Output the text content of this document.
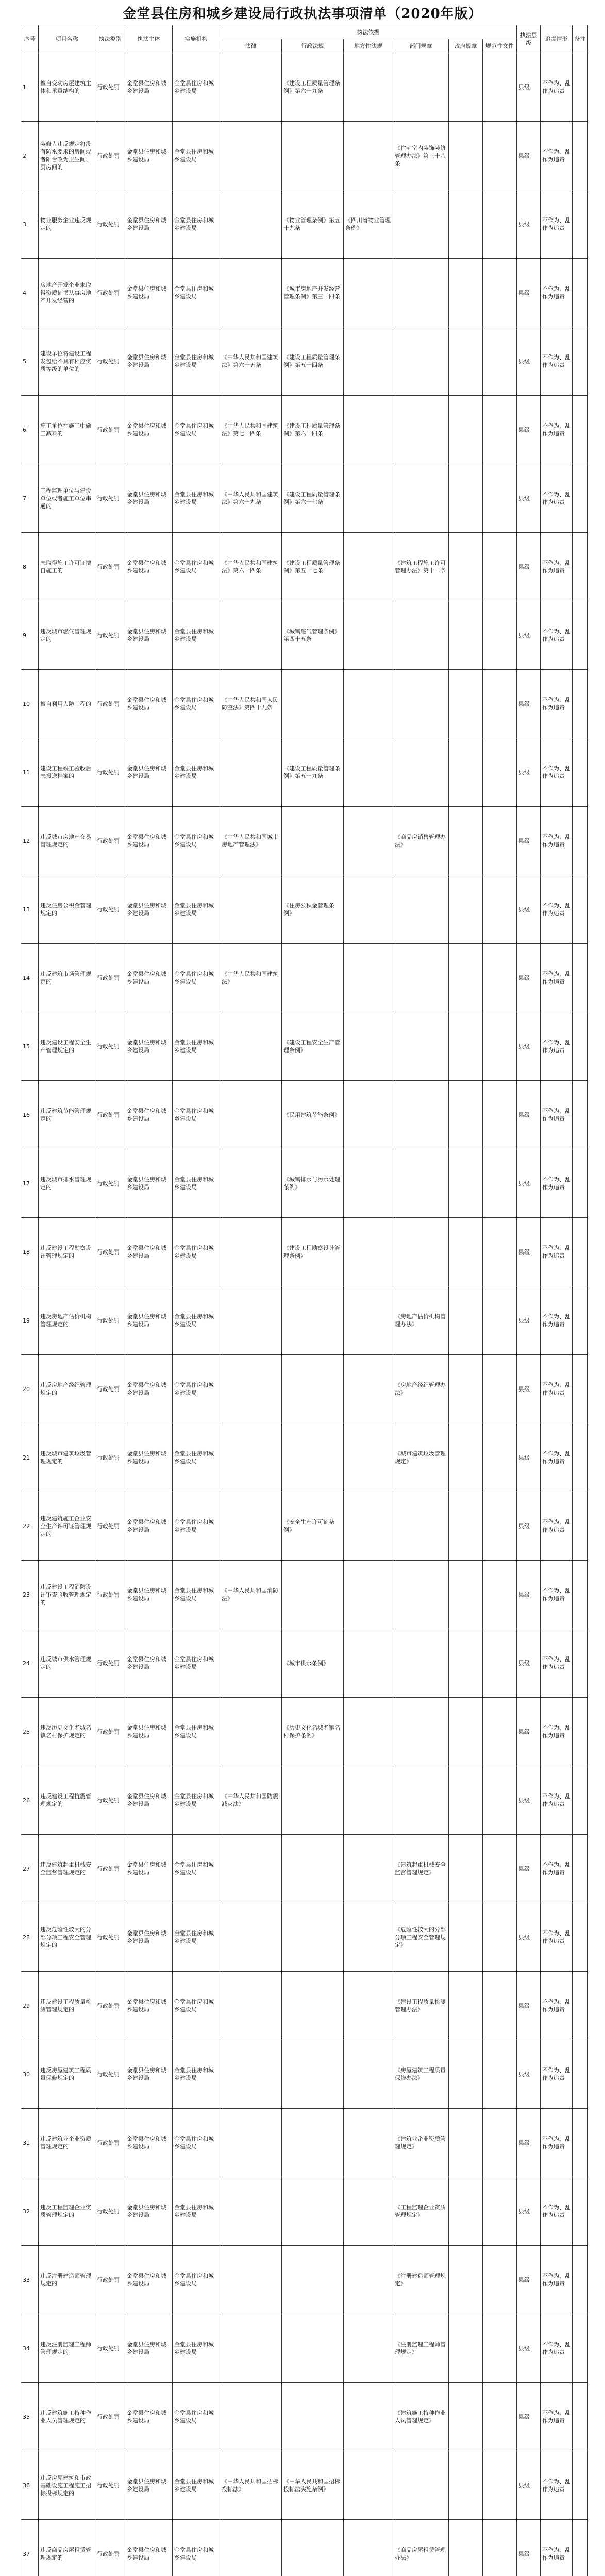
金堂县住房和城乡建设局行政执法事项清单（2020年版）
序号	项目名称	执法类别	执法主体	实施机构	执法依据						执法层级	追责情形	备注
					法律	行政法规	地方性法规	部门规章	政府规章	规范性文件			
1	擅自变动房屋建筑主体和承重结构的	行政处罚	金堂县住房和城乡建设局	金堂县住房和城乡建设局		《建设工程质量管理条例》第六十九条					县级	不作为、乱作为追责	
2	装修人违反规定将没有防水要求的房间或者阳台改为卫生间、厨房间的	行政处罚	金堂县住房和城乡建设局	金堂县住房和城乡建设局				《住宅室内装饰装修管理办法》第三十八条			县级	不作为、乱作为追责	
3	物业服务企业违反规定的	行政处罚	金堂县住房和城乡建设局	金堂县住房和城乡建设局		《物业管理条例》第五十九条	《四川省物业管理条例》				县级	不作为、乱作为追责	
4	房地产开发企业未取得资质证书从事房地产开发经营的	行政处罚	金堂县住房和城乡建设局	金堂县住房和城乡建设局		《城市房地产开发经营管理条例》第三十四条					县级	不作为、乱作为追责	
5	建设单位将建设工程发包给不具有相应资质等级的单位的	行政处罚	金堂县住房和城乡建设局	金堂县住房和城乡建设局	《中华人民共和国建筑法》第六十五条	《建设工程质量管理条例》第五十四条					县级	不作为、乱作为追责	
6	施工单位在施工中偷工减料的	行政处罚	金堂县住房和城乡建设局	金堂县住房和城乡建设局	《中华人民共和国建筑法》第七十四条	《建设工程质量管理条例》第六十四条					县级	不作为、乱作为追责	
7	工程监理单位与建设单位或者施工单位串通的	行政处罚	金堂县住房和城乡建设局	金堂县住房和城乡建设局	《中华人民共和国建筑法》第六十九条	《建设工程质量管理条例》第六十七条					县级	不作为、乱作为追责	
8	未取得施工许可证擅自施工的	行政处罚	金堂县住房和城乡建设局	金堂县住房和城乡建设局	《中华人民共和国建筑法》第六十四条	《建设工程质量管理条例》第五十七条		《建筑工程施工许可管理办法》第十二条			县级	不作为、乱作为追责	
9	违反城市燃气管理规定的	行政处罚	金堂县住房和城乡建设局	金堂县住房和城乡建设局		《城镇燃气管理条例》第四十五条					县级	不作为、乱作为追责	
10	擅自利用人防工程的	行政处罚	金堂县住房和城乡建设局	金堂县住房和城乡建设局	《中华人民共和国人民防空法》第四十九条						县级	不作为、乱作为追责	
11	建设工程竣工验收后未报送档案的	行政处罚	金堂县住房和城乡建设局	金堂县住房和城乡建设局		《建设工程质量管理条例》第五十九条					县级	不作为、乱作为追责	
12	违反城市房地产交易管理规定的	行政处罚	金堂县住房和城乡建设局	金堂县住房和城乡建设局	《中华人民共和国城市房地产管理法》			《商品房销售管理办法》			县级	不作为、乱作为追责	
13	违反住房公积金管理规定的	行政处罚	金堂县住房和城乡建设局	金堂县住房和城乡建设局		《住房公积金管理条例》					县级	不作为、乱作为追责	
14	违反建筑市场管理规定的	行政处罚	金堂县住房和城乡建设局	金堂县住房和城乡建设局	《中华人民共和国建筑法》						县级	不作为、乱作为追责	
15	违反建设工程安全生产管理规定的	行政处罚	金堂县住房和城乡建设局	金堂县住房和城乡建设局		《建设工程安全生产管理条例》					县级	不作为、乱作为追责	
16	违反建筑节能管理规定的	行政处罚	金堂县住房和城乡建设局	金堂县住房和城乡建设局		《民用建筑节能条例》					县级	不作为、乱作为追责	
17	违反城市排水管理规定的	行政处罚	金堂县住房和城乡建设局	金堂县住房和城乡建设局		《城镇排水与污水处理条例》					县级	不作为、乱作为追责	
18	违反建设工程勘察设计管理规定的	行政处罚	金堂县住房和城乡建设局	金堂县住房和城乡建设局		《建设工程勘察设计管理条例》					县级	不作为、乱作为追责	
19	违反房地产估价机构管理规定的	行政处罚	金堂县住房和城乡建设局	金堂县住房和城乡建设局				《房地产估价机构管理办法》			县级	不作为、乱作为追责	
20	违反房地产经纪管理规定的	行政处罚	金堂县住房和城乡建设局	金堂县住房和城乡建设局				《房地产经纪管理办法》			县级	不作为、乱作为追责	
21	违反城市建筑垃圾管理规定的	行政处罚	金堂县住房和城乡建设局	金堂县住房和城乡建设局				《城市建筑垃圾管理规定》			县级	不作为、乱作为追责	
22	违反建筑施工企业安全生产许可证管理规定的	行政处罚	金堂县住房和城乡建设局	金堂县住房和城乡建设局		《安全生产许可证条例》					县级	不作为、乱作为追责	
23	违反建设工程消防设计审查验收管理规定的	行政处罚	金堂县住房和城乡建设局	金堂县住房和城乡建设局	《中华人民共和国消防法》						县级	不作为、乱作为追责	
24	违反城市供水管理规定的	行政处罚	金堂县住房和城乡建设局	金堂县住房和城乡建设局		《城市供水条例》					县级	不作为、乱作为追责	
25	违反历史文化名城名镇名村保护规定的	行政处罚	金堂县住房和城乡建设局	金堂县住房和城乡建设局		《历史文化名城名镇名村保护条例》					县级	不作为、乱作为追责	
26	违反建设工程抗震管理规定的	行政处罚	金堂县住房和城乡建设局	金堂县住房和城乡建设局	《中华人民共和国防震减灾法》						县级	不作为、乱作为追责	
27	违反建筑起重机械安全监督管理规定的	行政处罚	金堂县住房和城乡建设局	金堂县住房和城乡建设局				《建筑起重机械安全监督管理规定》			县级	不作为、乱作为追责	
28	违反危险性较大的分部分项工程安全管理规定的	行政处罚	金堂县住房和城乡建设局	金堂县住房和城乡建设局				《危险性较大的分部分项工程安全管理规定》			县级	不作为、乱作为追责	
29	违反建设工程质量检测管理规定的	行政处罚	金堂县住房和城乡建设局	金堂县住房和城乡建设局				《建设工程质量检测管理办法》			县级	不作为、乱作为追责	
30	违反房屋建筑工程质量保修规定的	行政处罚	金堂县住房和城乡建设局	金堂县住房和城乡建设局				《房屋建筑工程质量保修办法》			县级	不作为、乱作为追责	
31	违反建筑业企业资质管理规定的	行政处罚	金堂县住房和城乡建设局	金堂县住房和城乡建设局				《建筑业企业资质管理规定》			县级	不作为、乱作为追责	
32	违反工程监理企业资质管理规定的	行政处罚	金堂县住房和城乡建设局	金堂县住房和城乡建设局				《工程监理企业资质管理规定》			县级	不作为、乱作为追责	
33	违反注册建造师管理规定的	行政处罚	金堂县住房和城乡建设局	金堂县住房和城乡建设局				《注册建造师管理规定》			县级	不作为、乱作为追责	
34	违反注册监理工程师管理规定的	行政处罚	金堂县住房和城乡建设局	金堂县住房和城乡建设局				《注册监理工程师管理规定》			县级	不作为、乱作为追责	
35	违反建筑施工特种作业人员管理规定的	行政处罚	金堂县住房和城乡建设局	金堂县住房和城乡建设局				《建筑施工特种作业人员管理规定》			县级	不作为、乱作为追责	
36	违反房屋建筑和市政基础设施工程施工招标投标规定的	行政处罚	金堂县住房和城乡建设局	金堂县住房和城乡建设局	《中华人民共和国招标投标法》	《中华人民共和国招标投标法实施条例》					县级	不作为、乱作为追责	
37	违反商品房屋租赁管理规定的	行政处罚	金堂县住房和城乡建设局	金堂县住房和城乡建设局				《商品房屋租赁管理办法》			县级	不作为、乱作为追责	
